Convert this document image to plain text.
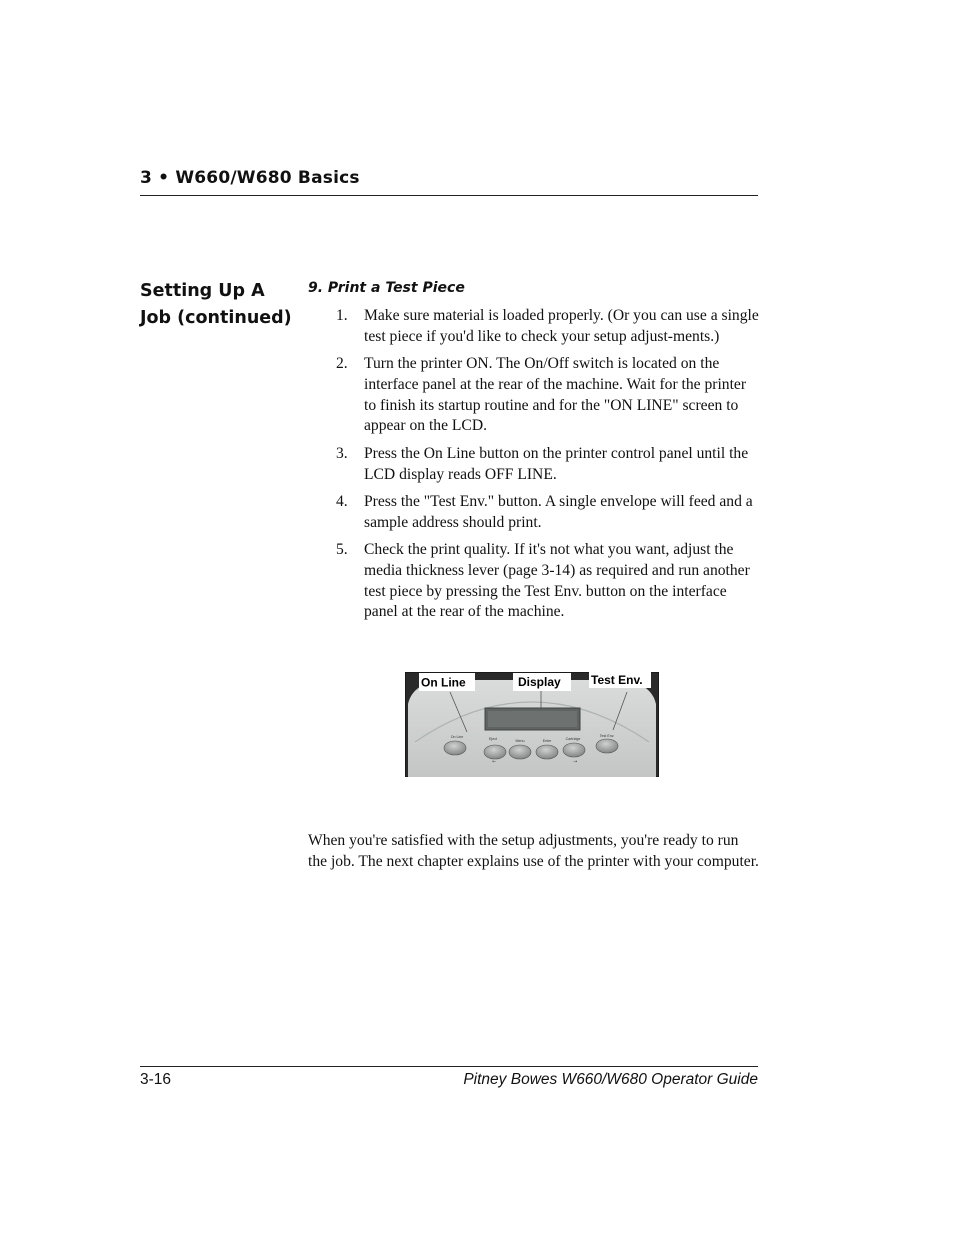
3 • W660/W680 Basics
Setting Up A
Job (continued)
9. Print a Test Piece
1. Make sure material is loaded properly. (Or you can use a single test piece if you'd like to check your setup adjust-ments.)
2. Turn the printer ON. The On/Off switch is located on the interface panel at the rear of the machine. Wait for the printer to finish its startup routine and for the "ON LINE" screen to appear on the LCD.
3. Press the On Line button on the printer control panel until the LCD display reads OFF LINE.
4. Press the "Test Env." button. A single envelope will feed and a sample address should print.
5. Check the print quality. If it's not what you want, adjust the media thickness lever (page 3-14) as required and run another test piece by pressing the Test Env. button on the interface panel at the rear of the machine.
On Line	Eject	Menu	Enter	Cartridge
Test Env.
←	→
On Line	Display	Test Env.

When you're satisfied with the setup adjustments, you're ready to run the job. The next chapter explains use of the printer with your computer.

3-16	Pitney Bowes W660/W680 Operator Guide
